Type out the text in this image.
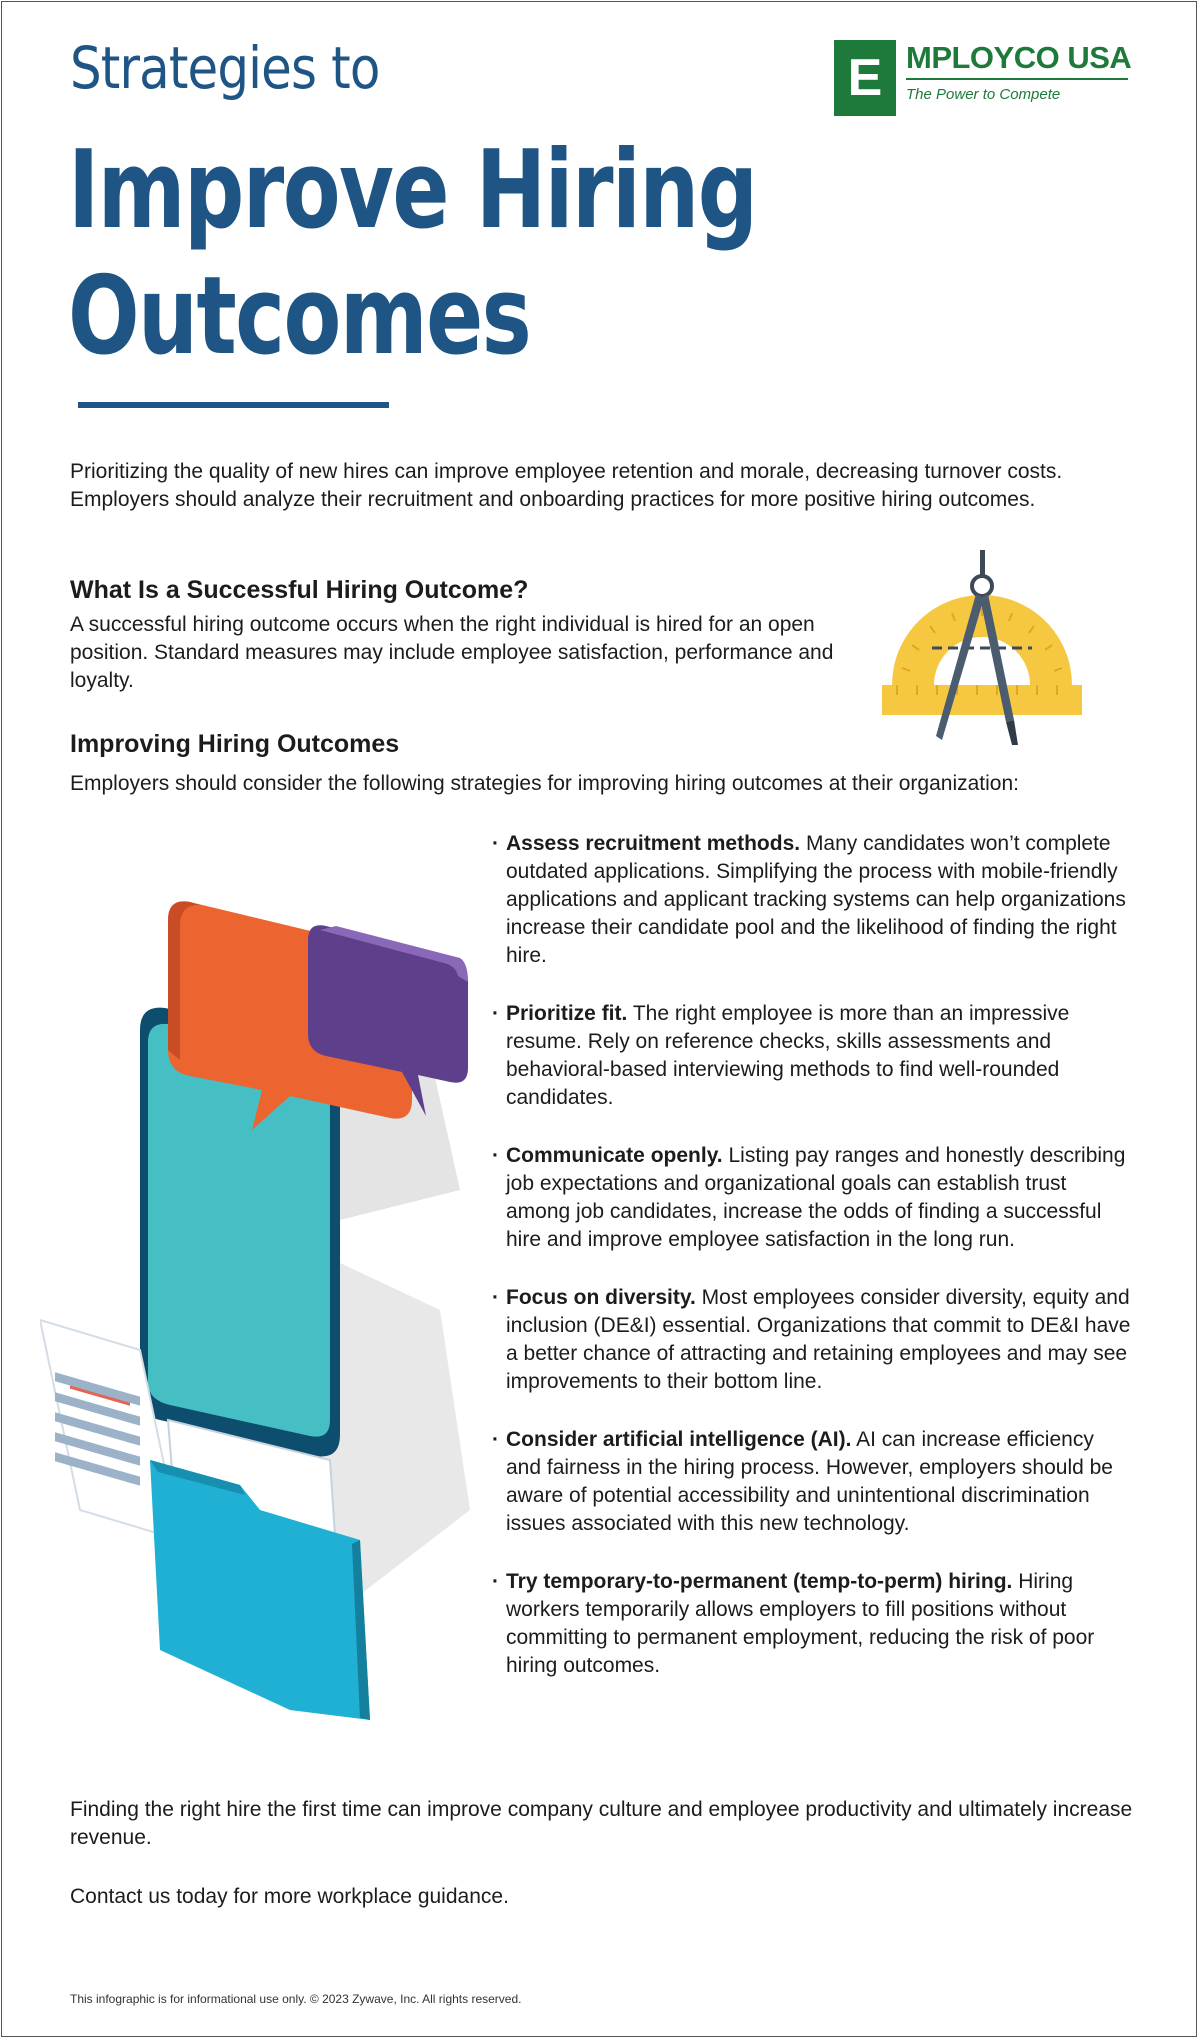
Strategies to
Improve Hiring
Outcomes
E MPLOYCO USA
The Power to Compete
Prioritizing the quality of new hires can improve employee retention and morale, decreasing turnover costs. Employers should analyze their recruitment and onboarding practices for more positive hiring outcomes.
What Is a Successful Hiring Outcome?
A successful hiring outcome occurs when the right individual is hired for an open position. Standard measures may include employee satisfaction, performance and loyalty.
Improving Hiring Outcomes
Employers should consider the following strategies for improving hiring outcomes at their organization:
· Assess recruitment methods. Many candidates won’t complete outdated applications. Simplifying the process with mobile-friendly applications and applicant tracking systems can help organizations increase their candidate pool and the likelihood of finding the right hire.
· Prioritize fit. The right employee is more than an impressive resume. Rely on reference checks, skills assessments and behavioral-based interviewing methods to find well-rounded candidates.
· Communicate openly. Listing pay ranges and honestly describing job expectations and organizational goals can establish trust among job candidates, increase the odds of finding a successful hire and improve employee satisfaction in the long run.
· Focus on diversity. Most employees consider diversity, equity and inclusion (DE&I) essential. Organizations that commit to DE&I have a better chance of attracting and retaining employees and may see improvements to their bottom line.
· Consider artificial intelligence (AI). AI can increase efficiency and fairness in the hiring process. However, employers should be aware of potential accessibility and unintentional discrimination issues associated with this new technology.
· Try temporary-to-permanent (temp-to-perm) hiring. Hiring workers temporarily allows employers to fill positions without committing to permanent employment, reducing the risk of poor hiring outcomes.
Finding the right hire the first time can improve company culture and employee productivity and ultimately increase revenue.
Contact us today for more workplace guidance.
This infographic is for informational use only. © 2023 Zywave, Inc. All rights reserved.
